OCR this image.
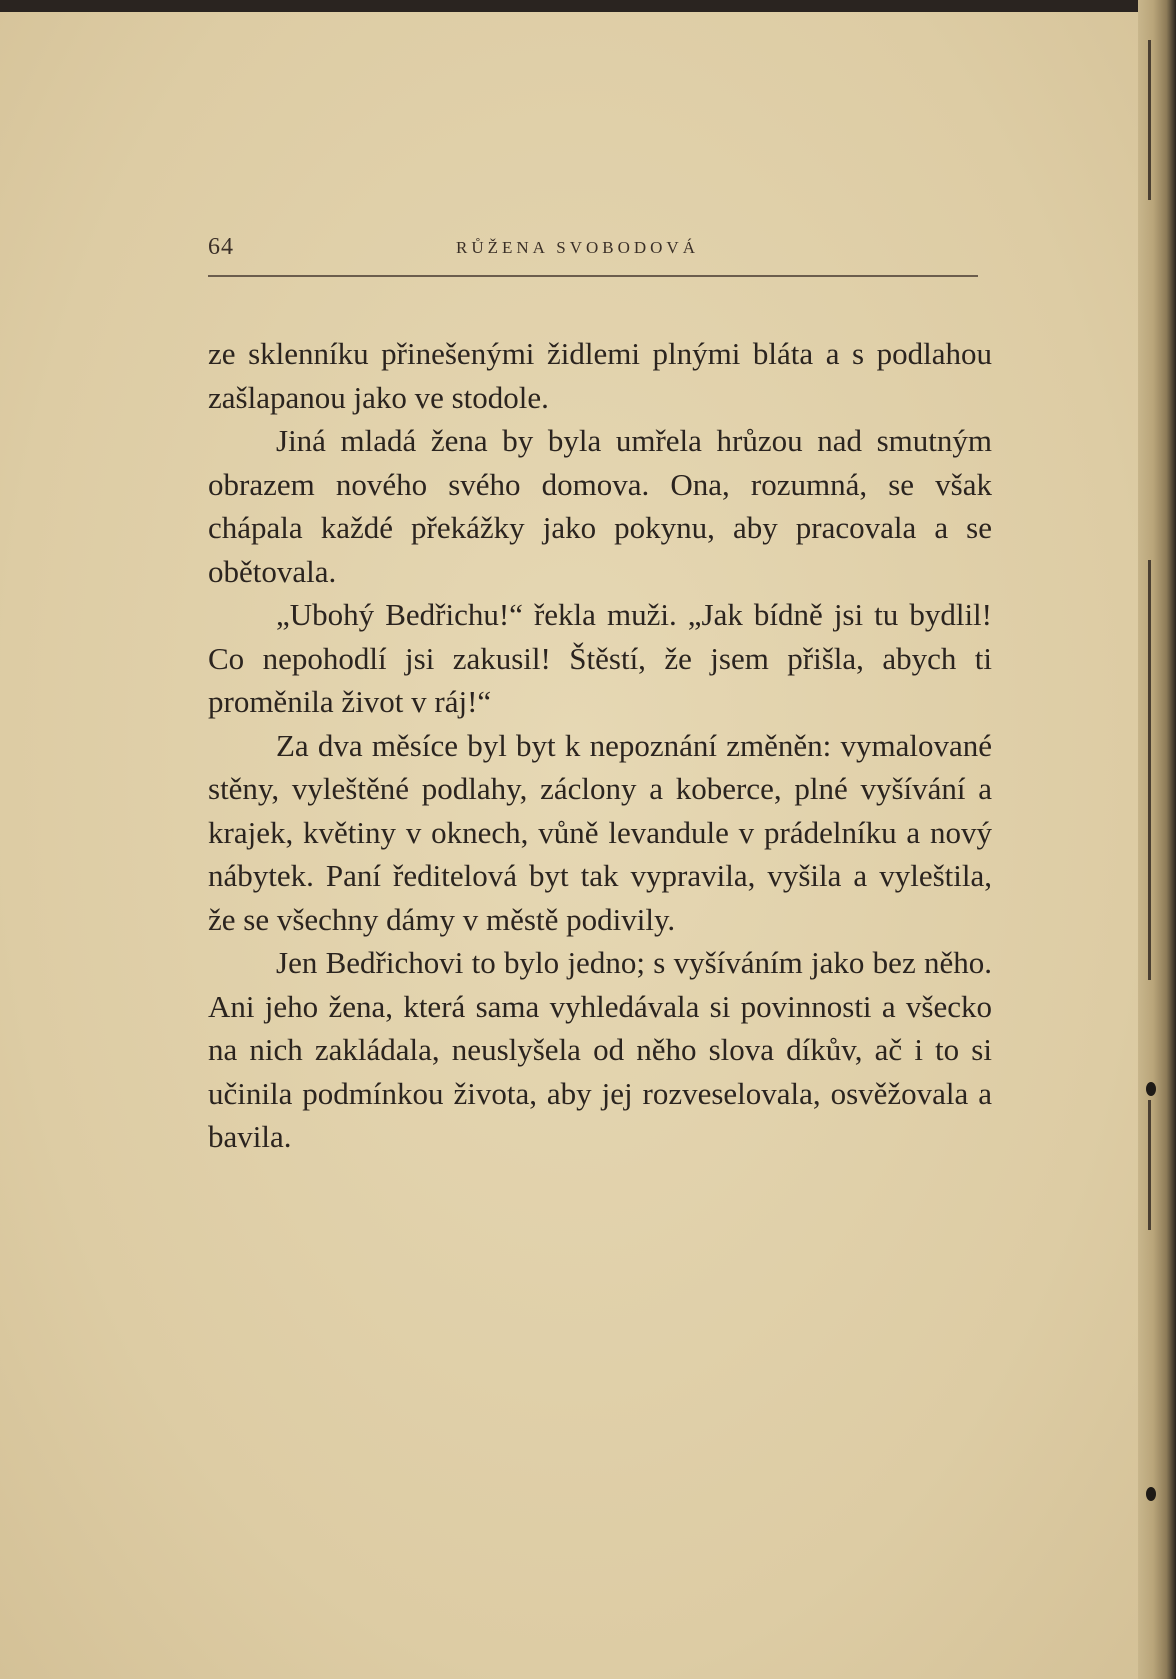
64	RŮŽENA SVOBODOVÁ

ze sklenníku přinešenými židlemi plnými bláta a s podlahou zašlapanou jako ve stodole.

Jiná mladá žena by byla umřela hrůzou nad smutným obrazem nového svého domova. Ona, rozumná, se však chápala každé překážky jako pokynu, aby pracovala a se obětovala.

„Ubohý Bedřichu!“ řekla muži. „Jak bídně jsi tu bydlil! Co nepohodlí jsi zakusil! Štěstí, že jsem přišla, abych ti proměnila život v ráj!“

Za dva měsíce byl byt k nepoznání změněn: vymalované stěny, vyleštěné podlahy, záclony a koberce, plné vyšívání a krajek, květiny v oknech, vůně levandule v prádelníku a nový nábytek. Paní ředitelová byt tak vypravila, vyšila a vyleštila, že se všechny dámy v městě podivily.

Jen Bedřichovi to bylo jedno; s vyšíváním jako bez něho. Ani jeho žena, která sama vyhledávala si povinnosti a všecko na nich zakládala, neuslyšela od něho slova díkův, ač i to si učinila podmínkou života, aby jej rozveselovala, osvěžovala a bavila.
